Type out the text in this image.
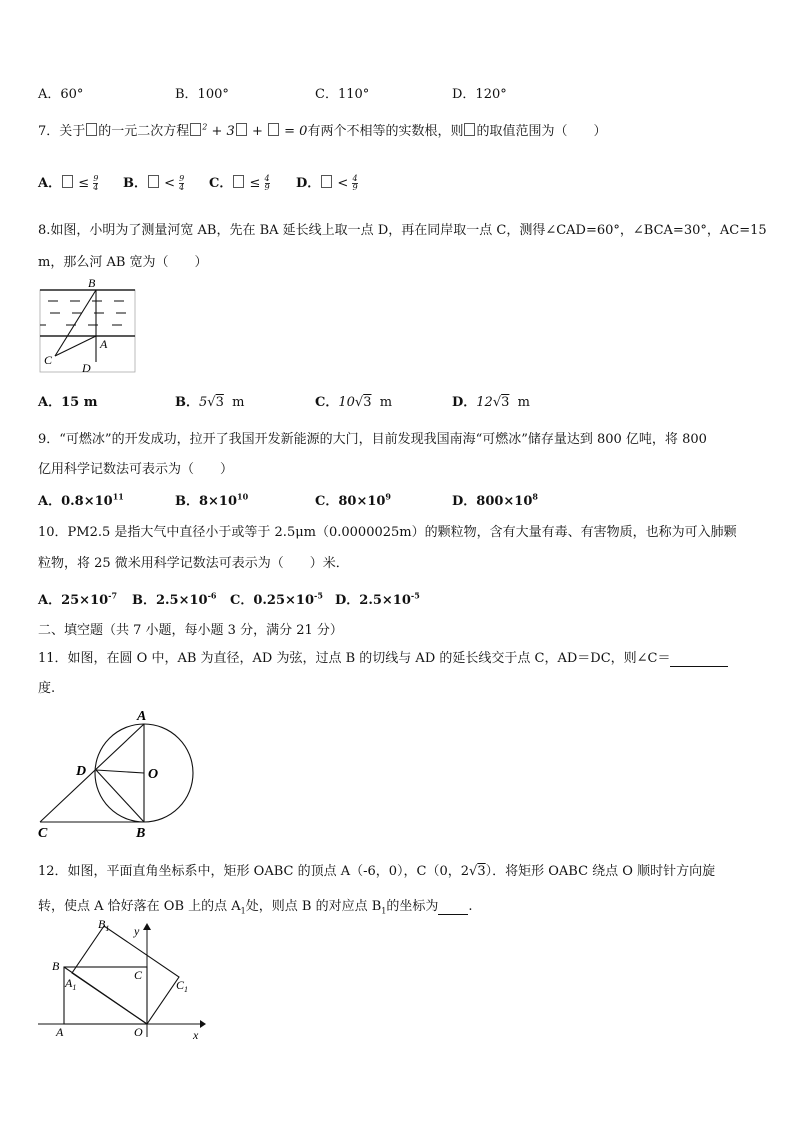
A．60°	B．100°	C．110°	D．120°
7．关于 的一元二次方程 $^2$ + 3 +  = 0有两个不相等的实数根，则 的取值范围为（　　）
A． ≤ $\frac{9}{4}$ B． < $\frac{9}{4}$ C． ≤ $\frac{4}{9}$ D． < $\frac{4}{9}$
8.如图，小明为了测量河宽 AB，先在 BA 延长线上取一点 D，再在同岸取一点 C，测得∠CAD=60°，∠BCA=30°，AC=15
m，那么河 AB 宽为（　　）
B
C
A
D
A．15 m	B．5√3 m	C．10√3 m	D．12√3 m
9．“可燃冰”的开发成功，拉开了我国开发新能源的大门，目前发现我国南海“可燃冰”储存量达到 800 亿吨，将 800
亿用科学记数法可表示为（　　）
A．$0.8\times 10^{11}$	B．$8\times 10^{10}$	C．$80\times 10^9$	D．$800\times 10^8$
10．PM2.5 是指大气中直径小于或等于 2.5μm（0.0000025m）的颗粒物，含有大量有毒、有害物质，也称为可入肺颗
粒物，将 25 微米用科学记数法可表示为（　　）米．
A．$25\times 10^{-7}$ B．$2.5\times 10^{-6}$ C．$0.25\times 10^{-5}$ D．$2.5\times 10^{-5}$
二、填空题（共 7 小题，每小题 3 分，满分 21 分）
11．如图，在圆 O 中，AB 为直径，AD 为弦，过点 B 的切线与 AD 的延长线交于点 C，AD＝DC，则∠C＝
度.
A
D	O
C	B
12．如图，平面直角坐标系中，矩形 OABC 的顶点 A（-6，0），C（0，2√3）．将矩形 OABC 绕点 O 顺时针方向旋
转，使点 A 恰好落在 OB 上的点 $A_1$处，则点 B 的对应点 $B_1$的坐标为 .
$B_1$ y
B
C
$A_1$	$C_1$
A	O	x
